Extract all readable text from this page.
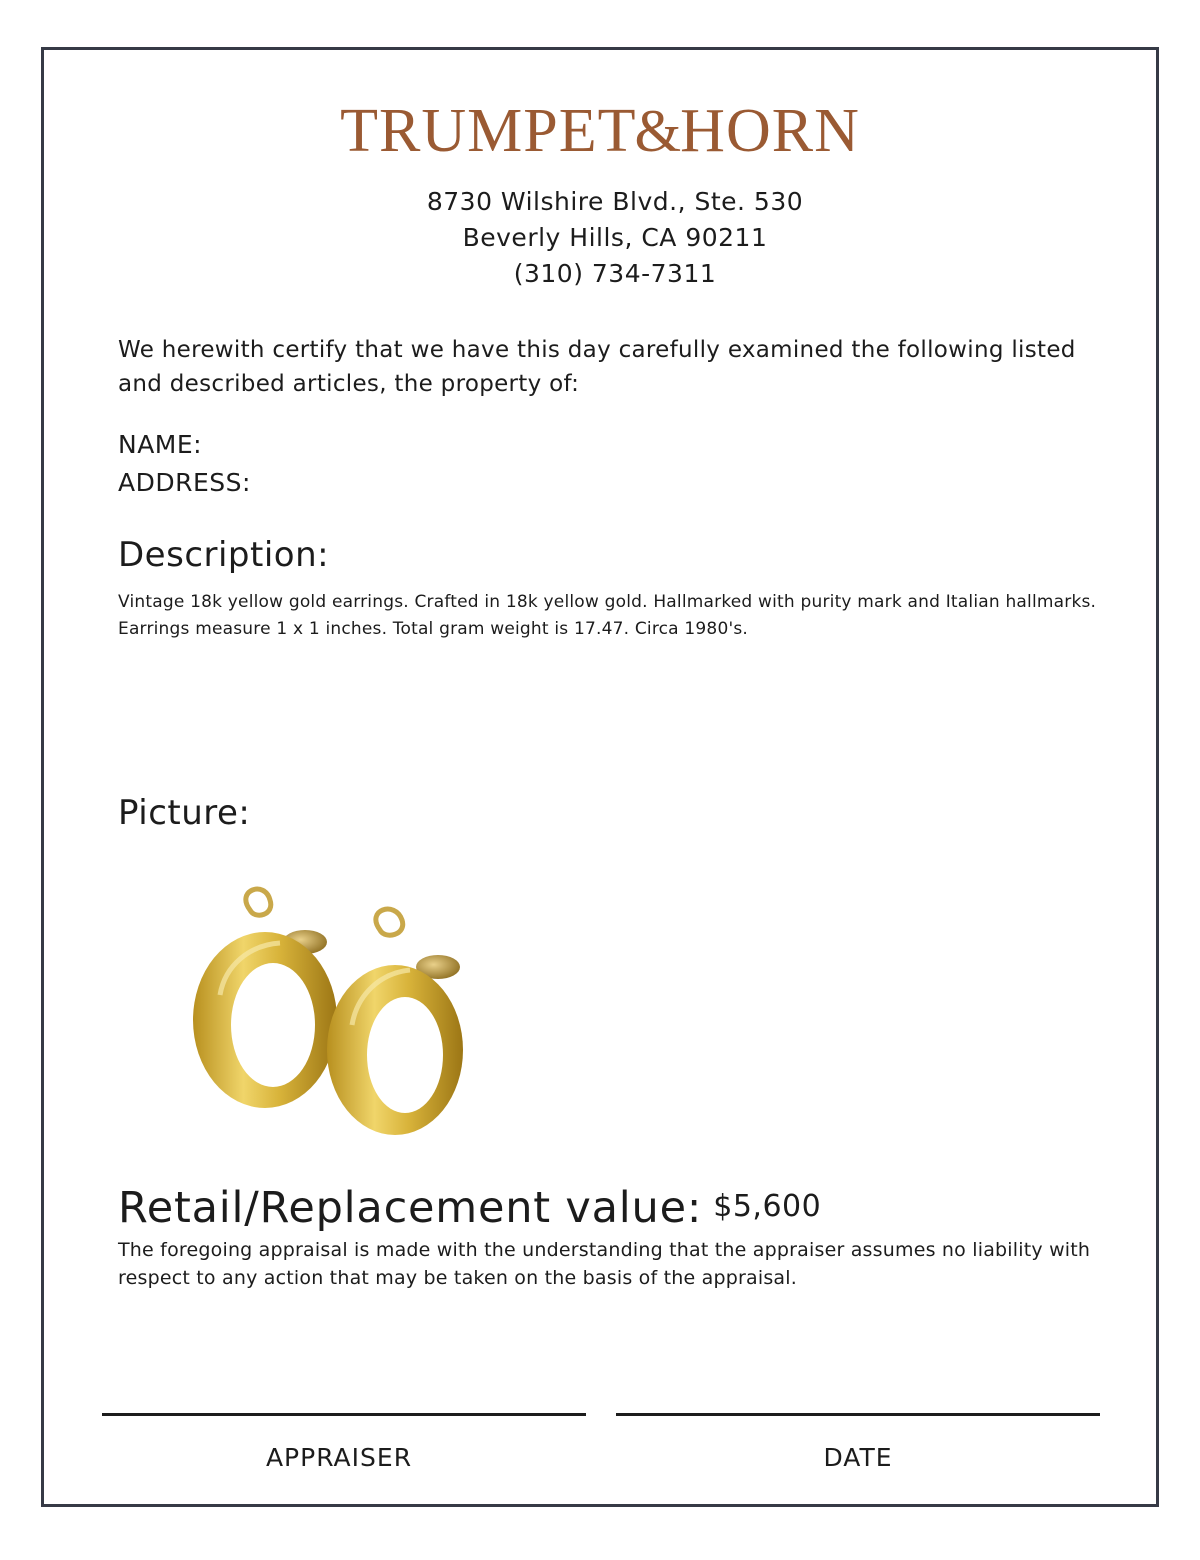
TRUMPET&HORN
8730 Wilshire Blvd., Ste. 530
Beverly Hills, CA 90211
(310) 734-7311
We herewith certify that we have this day carefully examined the following listed and described articles, the property of:
NAME:
ADDRESS:
Description:
Vintage 18k yellow gold earrings. Crafted in 18k yellow gold. Hallmarked with purity mark and Italian hallmarks. Earrings measure 1 x 1 inches. Total gram weight is 17.47. Circa 1980's.
Picture:
Retail/Replacement value: $5,600
The foregoing appraisal is made with the understanding that the appraiser assumes no liability with respect to any action that may be taken on the basis of the appraisal.
APPRAISER	DATE
